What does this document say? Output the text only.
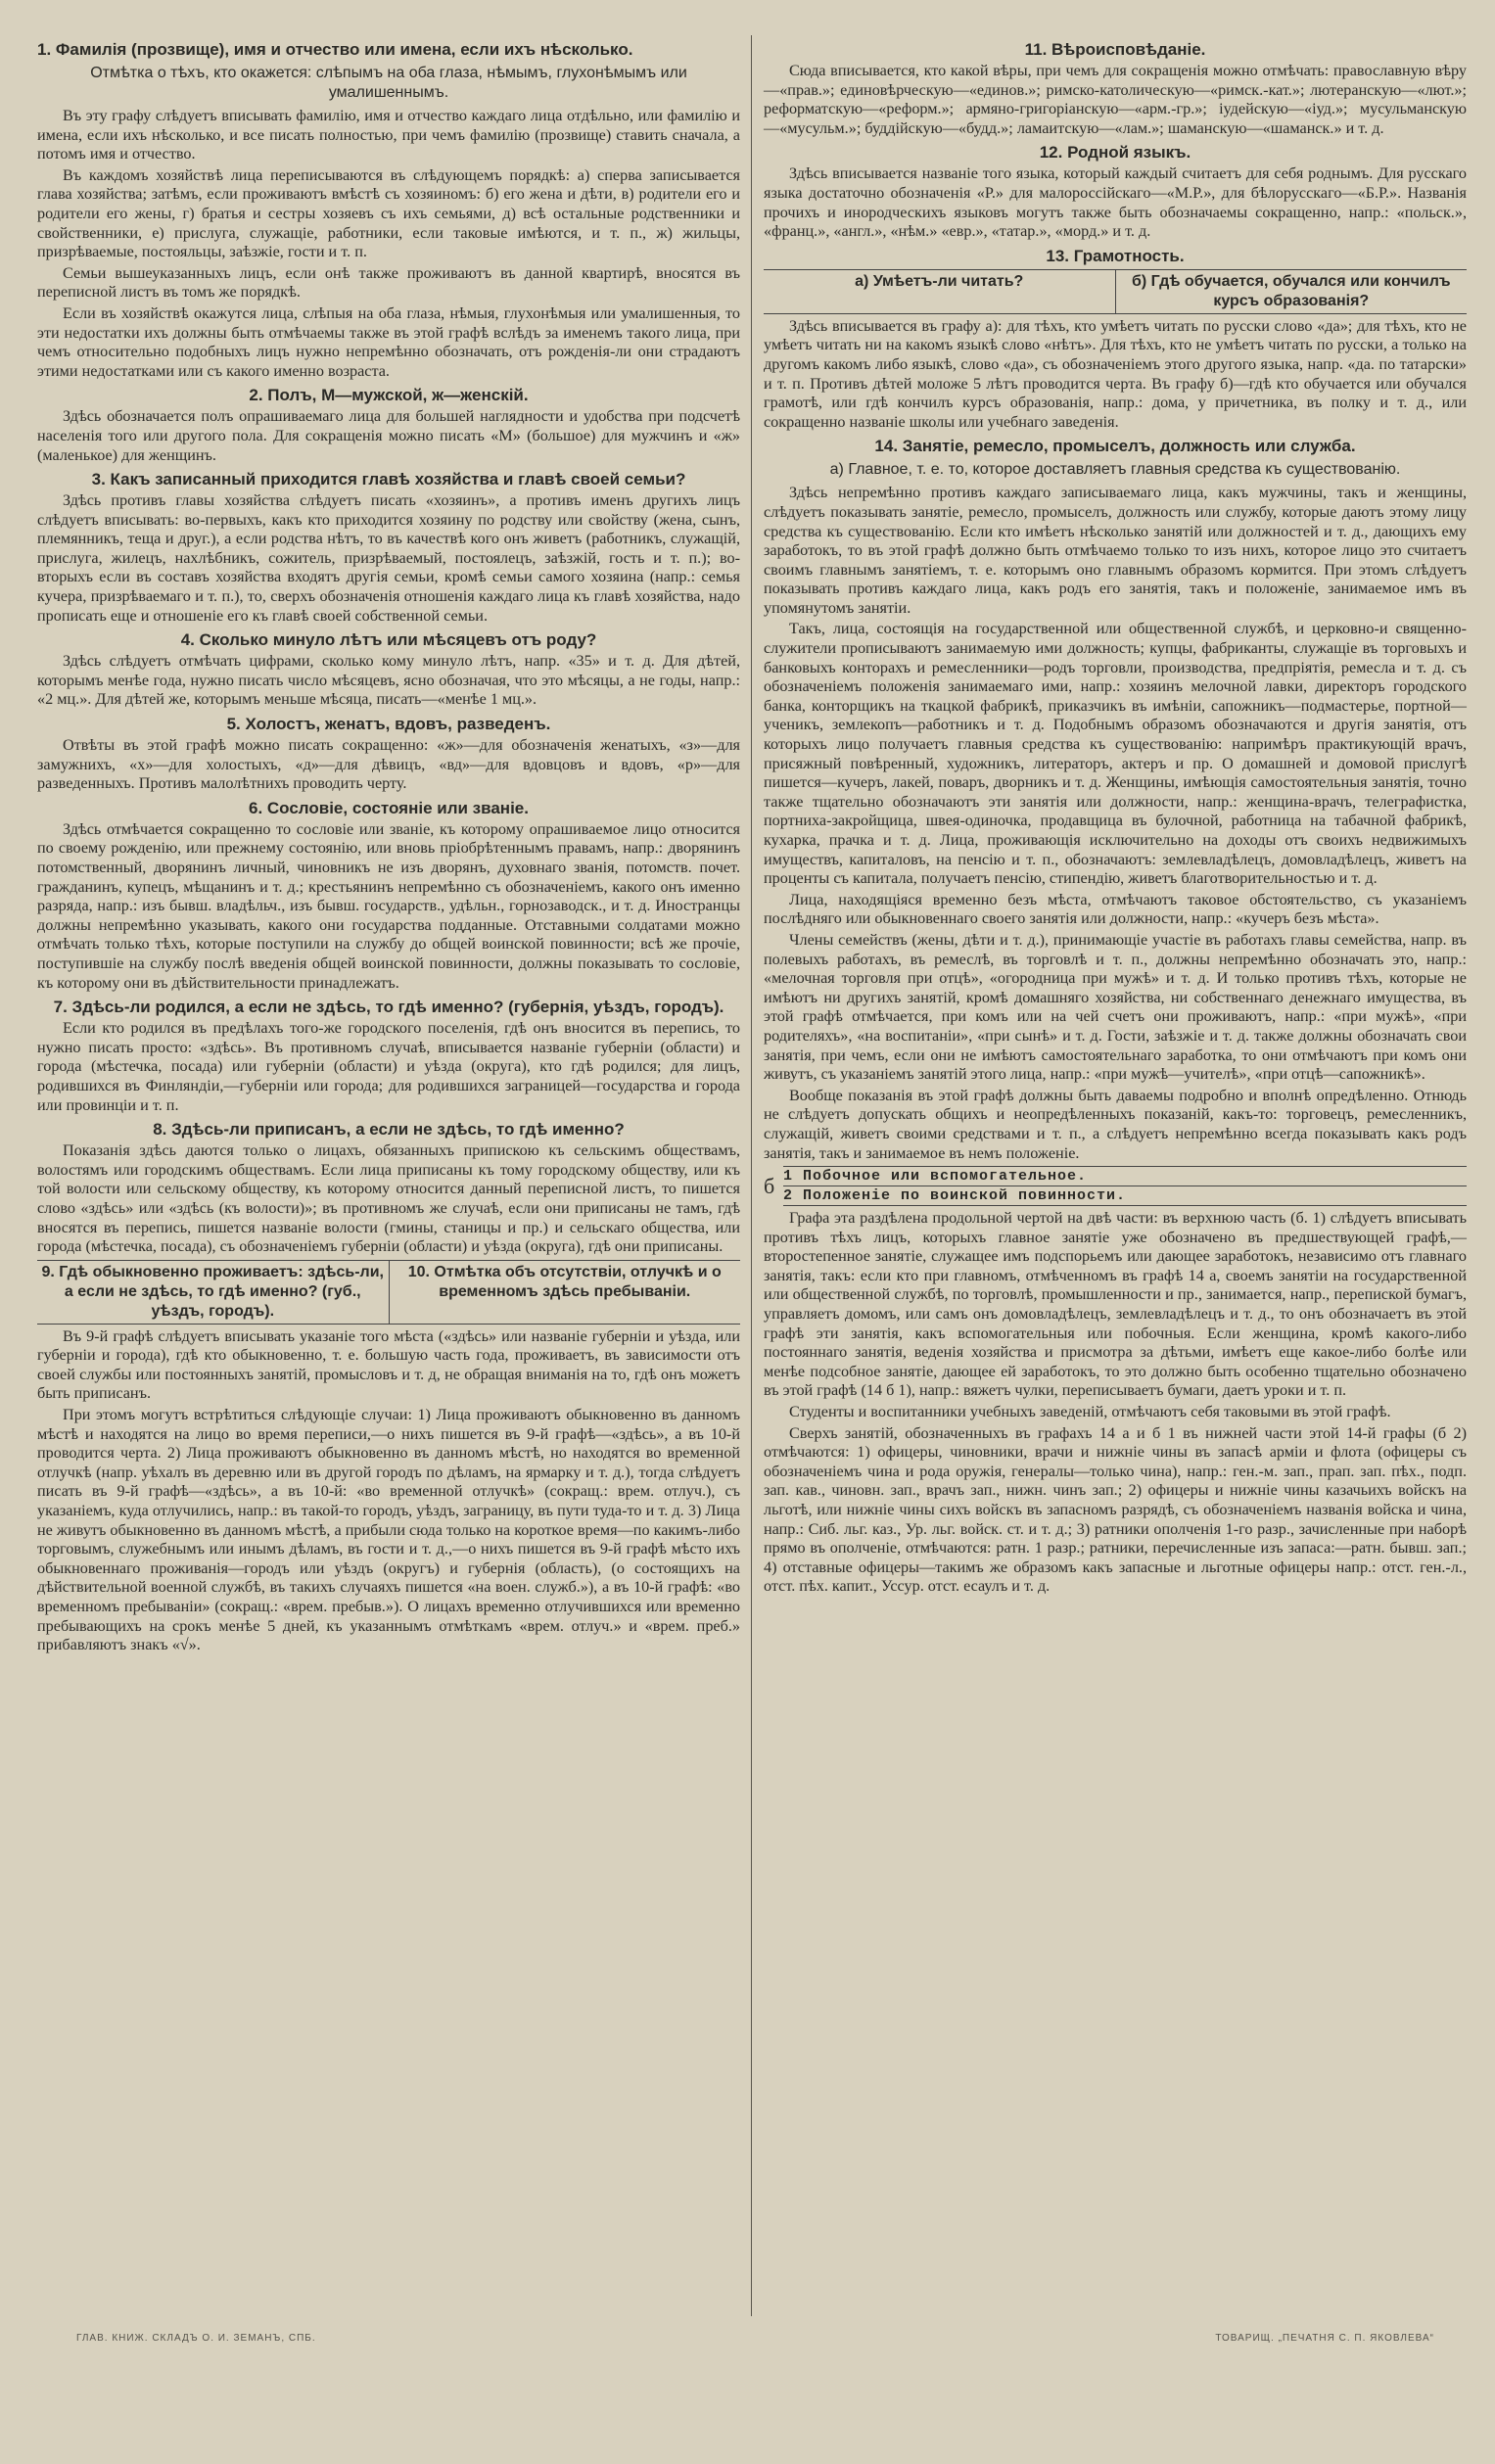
1. Фамилія (прозвище), имя и отчество или имена, если ихъ нѣсколько.
Отмѣтка о тѣхъ, кто окажется: слѣпымъ на оба глаза, нѣмымъ, глухонѣмымъ или умалишеннымъ.

Въ эту графу слѣдуетъ вписывать фамилію, имя и отчество каждаго лица отдѣльно, или фамилію и имена, если ихъ нѣсколько, и все писать полностью, при чемъ фамилію (прозвище) ставить сначала, а потомъ имя и отчество.

Въ каждомъ хозяйствѣ лица переписываются въ слѣдующемъ порядкѣ: а) сперва записывается глава хозяйства; затѣмъ, если проживаютъ вмѣстѣ съ хозяиномъ: б) его жена и дѣти, в) родители его и родители его жены, г) братья и сестры хозяевъ съ ихъ семьями, д) всѣ остальные родственники и свойственники, е) прислуга, служащіе, работники, если таковые имѣются, и т. п., ж) жильцы, призрѣваемые, постояльцы, заѣзжіе, гости и т. п.

Семьи вышеуказанныхъ лицъ, если онѣ также проживаютъ въ данной квартирѣ, вносятся въ переписной листъ въ томъ же порядкѣ.

Если въ хозяйствѣ окажутся лица, слѣпыя на оба глаза, нѣмыя, глухонѣмыя или умалишенныя, то эти недостатки ихъ должны быть отмѣчаемы также въ этой графѣ вслѣдъ за именемъ такого лица, при чемъ относительно подобныхъ лицъ нужно непремѣнно обозначать, отъ рожденія-ли они страдаютъ этими недостатками или съ какого именно возраста.

2. Полъ, М—мужской, ж—женскій.

Здѣсь обозначается полъ опрашиваемаго лица для большей наглядности и удобства при подсчетѣ населенія того или другого пола. Для сокращенія можно писать «М» (большое) для мужчинъ и «ж» (маленькое) для женщинъ.

3. Какъ записанный приходится главѣ хозяйства и главѣ своей семьи?

Здѣсь противъ главы хозяйства слѣдуетъ писать «хозяинъ», а противъ именъ другихъ лицъ слѣдуетъ вписывать: во-первыхъ, какъ кто приходится хозяину по родству или свойству (жена, сынъ, племянникъ, теща и друг.), а если родства нѣтъ, то въ качествѣ кого онъ живетъ (работникъ, служащій, прислуга, жилецъ, нахлѣбникъ, сожитель, призрѣваемый, постоялецъ, заѣзжій, гость и т. п.); во-вторыхъ если въ составъ хозяйства входятъ другія семьи, кромѣ семьи самого хозяина (напр.: семья кучера, призрѣваемаго и т. п.), то, сверхъ обозначенія отношенія каждаго лица къ главѣ хозяйства, надо прописать еще и отношеніе его къ главѣ своей собственной семьи.

4. Сколько минуло лѣтъ или мѣсяцевъ отъ роду?

Здѣсь слѣдуетъ отмѣчать цифрами, сколько кому минуло лѣтъ, напр. «35» и т. д. Для дѣтей, которымъ менѣе года, нужно писать число мѣсяцевъ, ясно обозначая, что это мѣсяцы, а не годы, напр.: «2 мц.». Для дѣтей же, которымъ меньше мѣсяца, писать—«менѣе 1 мц.».

5. Холостъ, женатъ, вдовъ, разведенъ.

Отвѣты въ этой графѣ можно писать сокращенно: «ж»—для обозначенія женатыхъ, «з»—для замужнихъ, «х»—для холостыхъ, «д»—для дѣвицъ, «вд»—для вдовцовъ и вдовъ, «р»—для разведенныхъ. Противъ малолѣтнихъ проводить черту.

6. Сословіе, состояніе или званіе.

Здѣсь отмѣчается сокращенно то сословіе или званіе, къ которому опрашиваемое лицо относится по своему рожденію, или прежнему состоянію, или вновь пріобрѣтеннымъ правамъ, напр.: дворянинъ потомственный, дворянинъ личный, чиновникъ не изъ дворянъ, духовнаго званія, потомств. почет. гражданинъ, купецъ, мѣщанинъ и т. д.; крестьянинъ непремѣнно съ обозначеніемъ, какого онъ именно разряда, напр.: изъ бывш. владѣльч., изъ бывш. государств., удѣльн., горнозаводск., и т. д. Иностранцы должны непремѣнно указывать, какого они государства подданные. Отставными солдатами можно отмѣчать только тѣхъ, которые поступили на службу до общей воинской повинности; всѣ же прочіе, поступившіе на службу послѣ введенія общей воинской повинности, должны показывать то сословіе, къ которому они въ дѣйствительности принадлежатъ.

7. Здѣсь-ли родился, а если не здѣсь, то гдѣ именно? (губернія, уѣздъ, городъ).

Если кто родился въ предѣлахъ того-же городского поселенія, гдѣ онъ вносится въ перепись, то нужно писать просто: «здѣсь». Въ противномъ случаѣ, вписывается названіе губерніи (области) и города (мѣстечка, посада) или губерніи (области) и уѣзда (округа), кто гдѣ родился; для лицъ, родившихся въ Финляндіи,—губерніи или города; для родившихся заграницей—государства и города или провинціи и т. п.

8. Здѣсь-ли приписанъ, а если не здѣсь, то гдѣ именно?

Показанія здѣсь даются только о лицахъ, обязанныхъ припискою къ сельскимъ обществамъ, волостямъ или городскимъ обществамъ. Если лица приписаны къ тому городскому обществу, или къ той волости или сельскому обществу, къ которому относится данный переписной листъ, то пишется слово «здѣсь» или «здѣсь (къ волости)»; въ противномъ же случаѣ, если они приписаны не тамъ, гдѣ вносятся въ перепись, пишется названіе волости (гмины, станицы и пр.) и сельскаго общества, или города (мѣстечка, посада), съ обозначеніемъ губерніи (области) и уѣзда (округа), гдѣ они приписаны.

9. Гдѣ обыкновенно проживаетъ: здѣсь-ли, а если не здѣсь, то гдѣ именно? (губ., уѣздъ, городъ).
10. Отмѣтка объ отсутствіи, отлучкѣ и о временномъ здѣсь пребываніи.

Въ 9-й графѣ слѣдуетъ вписывать указаніе того мѣста («здѣсь» или названіе губерніи и уѣзда, или губерніи и города), гдѣ кто обыкновенно, т. е. большую часть года, проживаетъ, въ зависимости отъ своей службы или постоянныхъ занятій, промысловъ и т. д, не обращая вниманія на то, гдѣ онъ можетъ быть приписанъ.

При этомъ могутъ встрѣтиться слѣдующіе случаи: 1) Лица проживаютъ обыкновенно въ данномъ мѣстѣ и находятся на лицо во время переписи,—о нихъ пишется въ 9-й графѣ—«здѣсь», а въ 10-й проводится черта. 2) Лица проживаютъ обыкновенно въ данномъ мѣстѣ, но находятся во временной отлучкѣ (напр. уѣхалъ въ деревню или въ другой городъ по дѣламъ, на ярмарку и т. д.), тогда слѣдуетъ писать въ 9-й графѣ—«здѣсь», а въ 10-й: «во временной отлучкѣ» (сокращ.: врем. отлуч.), съ указаніемъ, куда отлучились, напр.: въ такой-то городъ, уѣздъ, заграницу, въ пути туда-то и т. д. 3) Лица не живутъ обыкновенно въ данномъ мѣстѣ, а прибыли сюда только на короткое время—по какимъ-либо торговымъ, служебнымъ или инымъ дѣламъ, въ гости и т. д.,—о нихъ пишется въ 9-й графѣ мѣсто ихъ обыкновеннаго проживанія—городъ или уѣздъ (округъ) и губернія (область), (о состоящихъ на дѣйствительной военной службѣ, въ такихъ случаяхъ пишется «на воен. служб.»), а въ 10-й графѣ: «во временномъ пребываніи» (сокращ.: «врем. пребыв.»). О лицахъ временно отлучившихся или временно пребывающихъ на срокъ менѣе 5 дней, къ указаннымъ отмѣткамъ «врем. отлуч.» и «врем. преб.» прибавляютъ знакъ «√».

11. Вѣроисповѣданіе.

Сюда вписывается, кто какой вѣры, при чемъ для сокращенія можно отмѣчать: православную вѣру—«прав.»; единовѣрческую—«единов.»; римско-католическую—«римск.-кат.»; лютеранскую—«лют.»; реформатскую—«реформ.»; армяно-григоріанскую—«арм.-гр.»; іудейскую—«іуд.»; мусульманскую—«мусульм.»; буддійскую—«будд.»; ламаитскую—«лам.»; шаманскую—«шаманск.» и т. д.

12. Родной языкъ.

Здѣсь вписывается названіе того языка, который каждый считаетъ для себя роднымъ. Для русскаго языка достаточно обозначенія «Р.» для малороссійскаго—«М.Р.», для бѣлорусскаго—«Б.Р.». Названія прочихъ и инородческихъ языковъ могутъ также быть обозначаемы сокращенно, напр.: «польск.», «франц.», «англ.», «нѣм.» «евр.», «татар.», «морд.» и т. д.

13. Грамотность.
а) Умѣетъ-ли читать?	б) Гдѣ обучается, обучался или кончилъ курсъ образованія?

Здѣсь вписывается въ графу а): для тѣхъ, кто умѣетъ читать по русски слово «да»; для тѣхъ, кто не умѣетъ читать ни на какомъ языкѣ слово «нѣтъ». Для тѣхъ, кто не умѣетъ читать по русски, а только на другомъ какомъ либо языкѣ, слово «да», съ обозначеніемъ этого другого языка, напр. «да. по татарски» и т. п. Противъ дѣтей моложе 5 лѣтъ проводится черта. Въ графу б)—гдѣ кто обучается или обучался грамотѣ, или гдѣ кончилъ курсъ образованія, напр.: дома, у причетника, въ полку и т. д., или сокращенно названіе школы или учебнаго заведенія.

14. Занятіе, ремесло, промыселъ, должность или служба.
а) Главное, т. е. то, которое доставляетъ главныя средства къ существованію.

Здѣсь непремѣнно противъ каждаго записываемаго лица, какъ мужчины, такъ и женщины, слѣдуетъ показывать занятіе, ремесло, промыселъ, должность или службу, которые даютъ этому лицу средства къ существованію. Если кто имѣетъ нѣсколько занятій или должностей и т. д., дающихъ ему заработокъ, то въ этой графѣ должно быть отмѣчаемо только то изъ нихъ, которое лицо это считаетъ своимъ главнымъ занятіемъ, т. е. которымъ оно главнымъ образомъ кормится. При этомъ слѣдуетъ показывать противъ каждаго лица, какъ родъ его занятія, такъ и положеніе, занимаемое имъ въ упомянутомъ занятіи.

Такъ, лица, состоящія на государственной или общественной службѣ, и церковно-и священно-служители прописываютъ занимаемую ими должность; купцы, фабриканты, служащіе въ торговыхъ и банковыхъ конторахъ и ремесленники—родъ торговли, производства, предпріятія, ремесла и т. д. съ обозначеніемъ положенія занимаемаго ими, напр.: хозяинъ мелочной лавки, директоръ городского банка, конторщикъ на ткацкой фабрикѣ, приказчикъ въ имѣніи, сапожникъ—подмастерье, портной—ученикъ, землекопъ—работникъ и т. д. Подобнымъ образомъ обозначаются и другія занятія, отъ которыхъ лицо получаетъ главныя средства къ существованію: напримѣръ практикующій врачъ, присяжный повѣренный, художникъ, литераторъ, актеръ и пр. О домашней и домовой прислугѣ пишется—кучеръ, лакей, поваръ, дворникъ и т. д. Женщины, имѣющія самостоятельныя занятія, точно также тщательно обозначаютъ эти занятія или должности, напр.: женщина-врачъ, телеграфистка, портниха-закройщица, швея-одиночка, продавщица въ булочной, работница на табачной фабрикѣ, кухарка, прачка и т. д. Лица, проживающія исключительно на доходы отъ своихъ недвижимыхъ имуществъ, капиталовъ, на пенсію и т. п., обозначаютъ: землевладѣлецъ, домовладѣлецъ, живетъ на проценты съ капитала, получаетъ пенсію, стипендію, живетъ благотворительностью и т. д.

Лица, находящіяся временно безъ мѣста, отмѣчаютъ таковое обстоятельство, съ указаніемъ послѣдняго или обыкновеннаго своего занятія или должности, напр.: «кучеръ безъ мѣста».

Члены семействъ (жены, дѣти и т. д.), принимающіе участіе въ работахъ главы семейства, напр. въ полевыхъ работахъ, въ ремеслѣ, въ торговлѣ и т. п., должны непремѣнно обозначать это, напр.: «мелочная торговля при отцѣ», «огородница при мужѣ» и т. д. И только противъ тѣхъ, которые не имѣютъ ни другихъ занятій, кромѣ домашняго хозяйства, ни собственнаго денежнаго имущества, въ этой графѣ отмѣчается, при комъ или на чей счетъ они проживаютъ, напр.: «при мужѣ», «при родителяхъ», «на воспитаніи», «при сынѣ» и т. д. Гости, заѣзжіе и т. д. также должны обозначать свои занятія, при чемъ, если они не имѣютъ самостоятельнаго заработка, то они отмѣчаютъ при комъ они живутъ, съ указаніемъ занятій этого лица, напр.: «при мужѣ—учителѣ», «при отцѣ—сапожникѣ».

Вообще показанія въ этой графѣ должны быть даваемы подробно и вполнѣ опредѣленно. Отнюдь не слѣдуетъ допускать общихъ и неопредѣленныхъ показаній, какъ-то: торговецъ, ремесленникъ, служащій, живетъ своими средствами и т. п., а слѣдуетъ непремѣнно всегда показывать какъ родъ занятія, такъ и занимаемое въ немъ положеніе.

б 1 Побочное или вспомогательное.
2 Положеніе по воинской повинности.

Графа эта раздѣлена продольной чертой на двѣ части: въ верхнюю часть (б. 1) слѣдуетъ вписывать противъ тѣхъ лицъ, которыхъ главное занятіе уже обозначено въ предшествующей графѣ,—второстепенное занятіе, служащее имъ подспорьемъ или дающее заработокъ, независимо отъ главнаго занятія, такъ: если кто при главномъ, отмѣченномъ въ графѣ 14 а, своемъ занятіи на государственной или общественной службѣ, по торговлѣ, промышленности и пр., занимается, напр., перепиской бумагъ, управляетъ домомъ, или самъ онъ домовладѣлецъ, землевладѣлецъ и т. д., то онъ обозначаетъ въ этой графѣ эти занятія, какъ вспомогательныя или побочныя. Если женщина, кромѣ какого-либо постояннаго занятія, веденія хозяйства и присмотра за дѣтьми, имѣетъ еще какое-либо болѣе или менѣе подсобное занятіе, дающее ей заработокъ, то это должно быть особенно тщательно обозначено въ этой графѣ (14 б 1), напр.: вяжетъ чулки, переписываетъ бумаги, даетъ уроки и т. п.

Студенты и воспитанники учебныхъ заведеній, отмѣчаютъ себя таковыми въ этой графѣ.

Сверхъ занятій, обозначенныхъ въ графахъ 14 а и б 1 въ нижней части этой 14-й графы (б 2) отмѣчаются: 1) офицеры, чиновники, врачи и нижніе чины въ запасѣ арміи и флота (офицеры съ обозначеніемъ чина и рода оружія, генералы—только чина), напр.: ген.-м. зап., прап. зап. пѣх., подп. зап. кав., чиновн. зап., врачъ зап., нижн. чинъ зап.; 2) офицеры и нижніе чины казачьихъ войскъ на льготѣ, или нижніе чины сихъ войскъ въ запасномъ разрядѣ, съ обозначеніемъ названія войска и чина, напр.: Сиб. льг. каз., Ур. льг. войск. ст. и т. д.; 3) ратники ополченія 1-го разр., зачисленные при наборѣ прямо въ ополченіе, отмѣчаются: ратн. 1 разр.; ратники, перечисленные изъ запаса:—ратн. бывш. зап.; 4) отставные офицеры—такимъ же образомъ какъ запасные и льготные офицеры напр.: отст. ген.-л., отст. пѣх. капит., Уссур. отст. есаулъ и т. д.

ГЛАВ. КНИЖ. СКЛАДЪ О. И. ЗЕМАНЪ, СПБ.	ТОВАРИЩ. „ПЕЧАТНЯ С. П. ЯКОВЛЕВА“
